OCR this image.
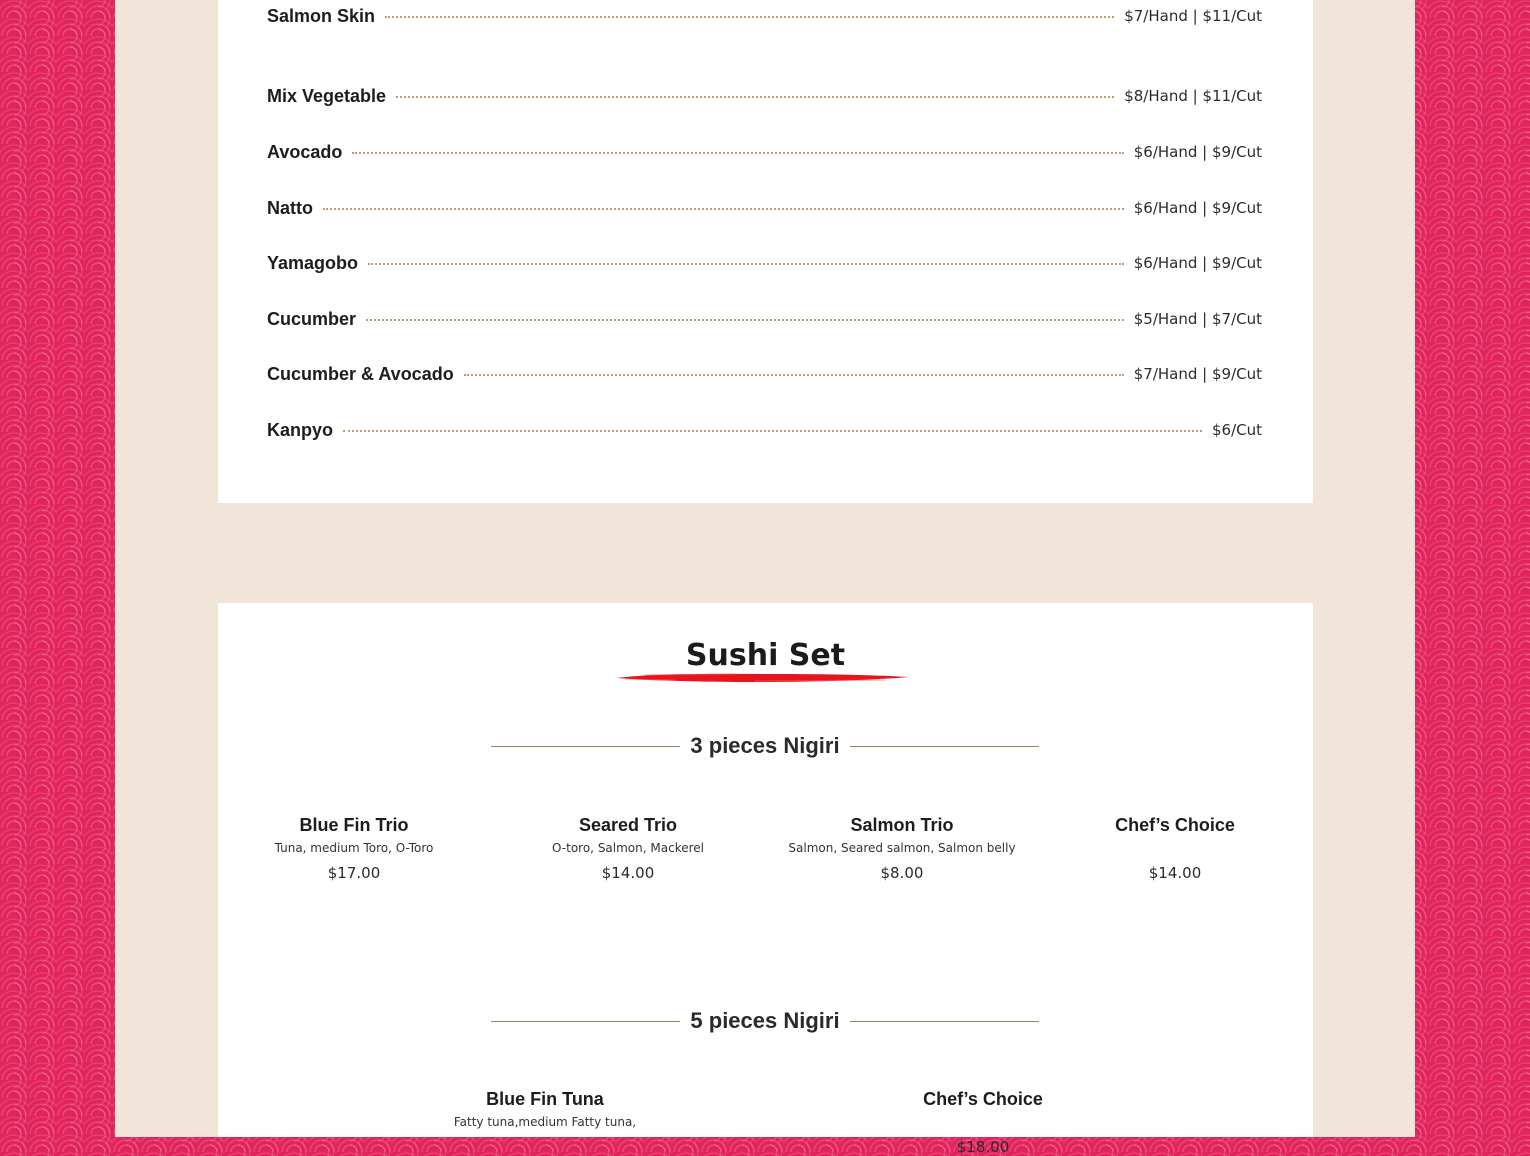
Salmon Skin	$7/Hand | $11/Cut
Mix Vegetable	$8/Hand | $11/Cut
Avocado	$6/Hand | $9/Cut
Natto	$6/Hand | $9/Cut
Yamagobo	$6/Hand | $9/Cut
Cucumber	$5/Hand | $7/Cut
Cucumber & Avocado	$7/Hand | $9/Cut
Kanpyo	$6/Cut
Sushi Set
3 pieces Nigiri
Blue Fin Trio
Tuna, medium Toro, O-Toro
$17.00
Seared Trio
O-toro, Salmon, Mackerel
$14.00
Salmon Trio
Salmon, Seared salmon, Salmon belly
$8.00
Chef’s Choice
$14.00
5 pieces Nigiri
Blue Fin Tuna
Fatty tuna,medium Fatty tuna,
Chef’s Choice
$18.00
